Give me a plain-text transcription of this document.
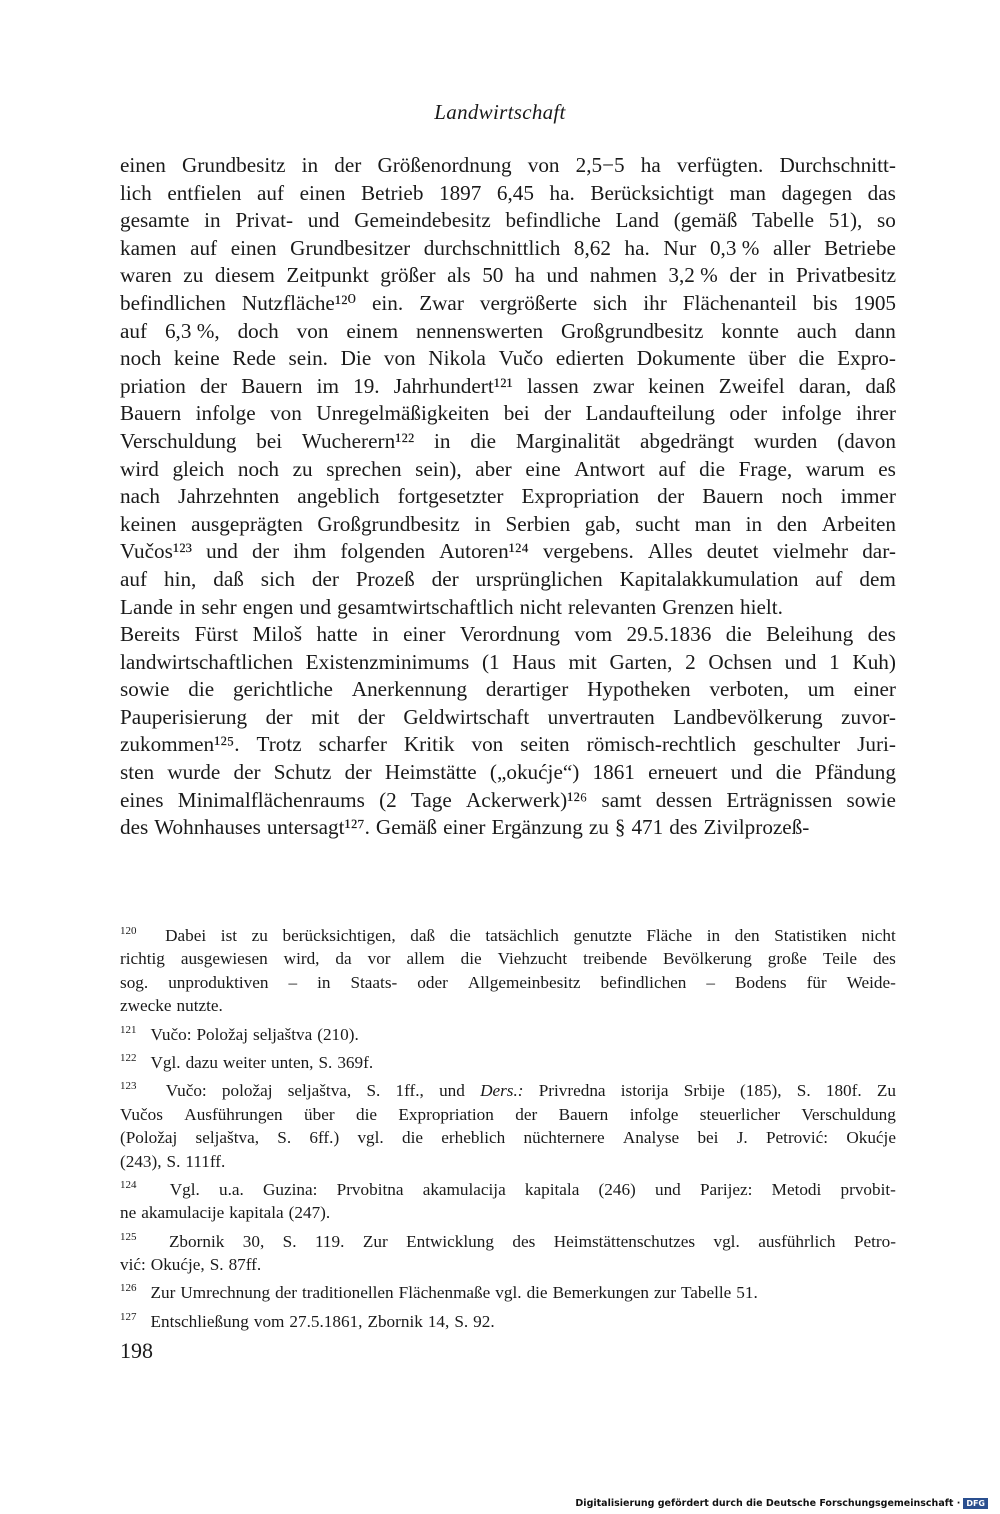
Landwirtschaft
einen Grundbesitz in der Größenordnung von 2,5−5 ha verfügten. Durchschnitt-
lich entfielen auf einen Betrieb 1897 6,45 ha. Berücksichtigt man dagegen das
gesamte in Privat- und Gemeindebesitz befindliche Land (gemäß Tabelle 51), so
kamen auf einen Grundbesitzer durchschnittlich 8,62 ha. Nur 0,3 % aller Betriebe
waren zu diesem Zeitpunkt größer als 50 ha und nahmen 3,2 % der in Privatbesitz
befindlichen Nutzfläche¹²⁰ ein. Zwar vergrößerte sich ihr Flächenanteil bis 1905
auf 6,3 %, doch von einem nennenswerten Großgrundbesitz konnte auch dann
noch keine Rede sein. Die von Nikola Vučo edierten Dokumente über die Expro-
priation der Bauern im 19. Jahrhundert¹²¹ lassen zwar keinen Zweifel daran, daß
Bauern infolge von Unregelmäßigkeiten bei der Landaufteilung oder infolge ihrer
Verschuldung bei Wucherern¹²² in die Marginalität abgedrängt wurden (davon
wird gleich noch zu sprechen sein), aber eine Antwort auf die Frage, warum es
nach Jahrzehnten angeblich fortgesetzter Expropriation der Bauern noch immer
keinen ausgeprägten Großgrundbesitz in Serbien gab, sucht man in den Arbeiten
Vučos¹²³ und der ihm folgenden Autoren¹²⁴ vergebens. Alles deutet vielmehr dar-
auf hin, daß sich der Prozeß der ursprünglichen Kapitalakkumulation auf dem
Lande in sehr engen und gesamtwirtschaftlich nicht relevanten Grenzen hielt.
Bereits Fürst Miloš hatte in einer Verordnung vom 29.5.1836 die Beleihung des
landwirtschaftlichen Existenzminimums (1 Haus mit Garten, 2 Ochsen und 1 Kuh)
sowie die gerichtliche Anerkennung derartiger Hypotheken verboten, um einer
Pauperisierung der mit der Geldwirtschaft unvertrauten Landbevölkerung zuvor-
zukommen¹²⁵. Trotz scharfer Kritik von seiten römisch-rechtlich geschulter Juri-
sten wurde der Schutz der Heimstätte („okućje“) 1861 erneuert und die Pfändung
eines Minimalflächenraums (2 Tage Ackerwerk)¹²⁶ samt dessen Erträgnissen sowie
des Wohnhauses untersagt¹²⁷. Gemäß einer Ergänzung zu § 471 des Zivilprozeß-
120 Dabei ist zu berücksichtigen, daß die tatsächlich genutzte Fläche in den Statistiken nicht
richtig ausgewiesen wird, da vor allem die Viehzucht treibende Bevölkerung große Teile des
sog. unproduktiven – in Staats- oder Allgemeinbesitz befindlichen – Bodens für Weide-
zwecke nutzte.
121 Vučo: Položaj seljaštva (210).
122 Vgl. dazu weiter unten, S. 369f.
123 Vučo: položaj seljaštva, S. 1ff., und Ders.: Privredna istorija Srbije (185), S. 180f. Zu
Vučos Ausführungen über die Expropriation der Bauern infolge steuerlicher Verschuldung
(Položaj seljaštva, S. 6ff.) vgl. die erheblich nüchternere Analyse bei J. Petrović: Okućje
(243), S. 111ff.
124 Vgl. u.a. Guzina: Prvobitna akamulacija kapitala (246) und Parijez: Metodi prvobit-
ne akamulacije kapitala (247).
125 Zbornik 30, S. 119. Zur Entwicklung des Heimstättenschutzes vgl. ausführlich Petro-
vić: Okućje, S. 87ff.
126 Zur Umrechnung der traditionellen Flächenmaße vgl. die Bemerkungen zur Tabelle 51.
127 Entschließung vom 27.5.1861, Zbornik 14, S. 92.
198
Digitalisierung gefördert durch die Deutsche Forschungsgemeinschaft · DFG
